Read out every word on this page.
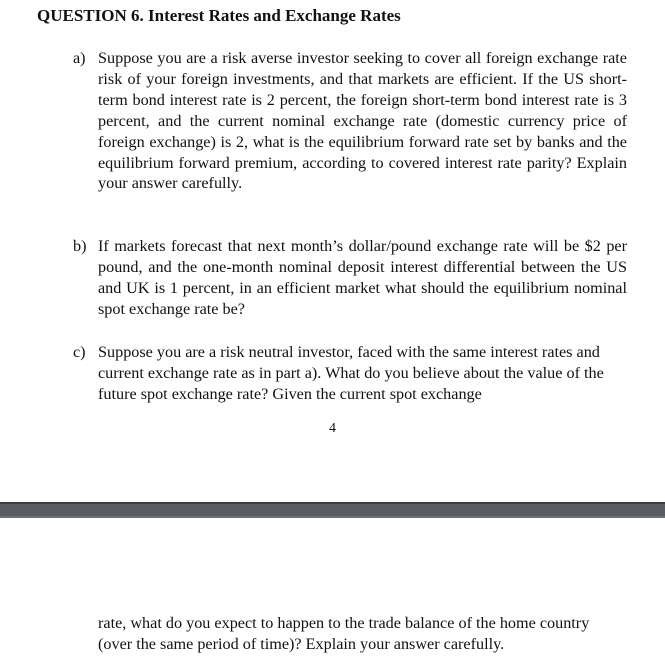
QUESTION 6. Interest Rates and Exchange Rates
a) Suppose you are a risk averse investor seeking to cover all foreign exchange rate risk of your foreign investments, and that markets are efficient. If the US short-term bond interest rate is 2 percent, the foreign short-term bond interest rate is 3 percent, and the current nominal exchange rate (domestic currency price of foreign exchange) is 2, what is the equilibrium forward rate set by banks and the equilibrium forward premium, according to covered interest rate parity? Explain your answer carefully.

b) If markets forecast that next month’s dollar/pound exchange rate will be $2 per pound, and the one-month nominal deposit interest differential between the US and UK is 1 percent, in an efficient market what should the equilibrium nominal spot exchange rate be?

c) Suppose you are a risk neutral investor, faced with the same interest rates and current exchange rate as in part a). What do you believe about the value of the future spot exchange rate? Given the current spot exchange

4

rate, what do you expect to happen to the trade balance of the home country (over the same period of time)? Explain your answer carefully.
